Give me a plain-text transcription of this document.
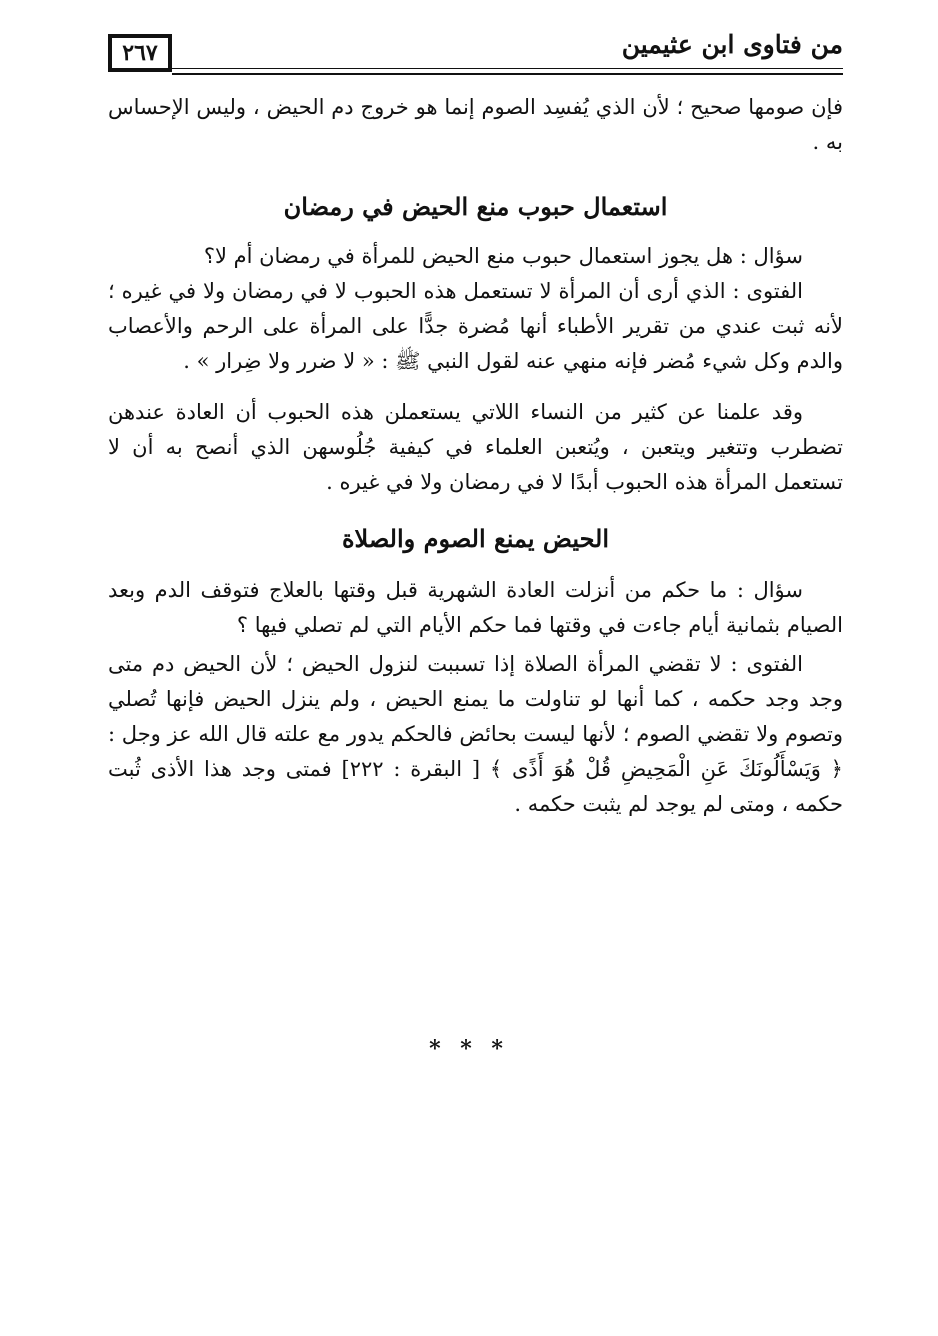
٢٦٧	من فتاوى ابن عثيمين

فإن صومها صحيح ؛ لأن الذي يُفسِد الصوم إنما هو خروج دم الحيض ، وليس الإحساس به .

استعمال حبوب منع الحيض في رمضان

سؤال : هل يجوز استعمال حبوب منع الحيض للمرأة في رمضان أم لا؟

الفتوى : الذي أرى أن المرأة لا تستعمل هذه الحبوب لا في رمضان ولا في غيره ؛ لأنه ثبت عندي من تقرير الأطباء أنها مُضرة جدًّا على المرأة على الرحم والأعصاب والدم وكل شيء مُضر فإنه منهي عنه لقول النبي ﷺ : « لا ضرر ولا ضِرار » .

وقد علمنا عن كثير من النساء اللاتي يستعملن هذه الحبوب أن العادة عندهن تضطرب وتتغير ويتعبن ، ويُتعبن العلماء في كيفية جُلُوسهن الذي أنصح به أن لا تستعمل المرأة هذه الحبوب أبدًا لا في رمضان ولا في غيره .

الحيض يمنع الصوم والصلاة

سؤال : ما حكم من أنزلت العادة الشهرية قبل وقتها بالعلاج فتوقف الدم وبعد الصيام بثمانية أيام جاءت في وقتها فما حكم الأيام التي لم تصلي فيها ؟

الفتوى : لا تقضي المرأة الصلاة إذا تسببت لنزول الحيض ؛ لأن الحيض دم متى وجد وجد حكمه ، كما أنها لو تناولت ما يمنع الحيض ، ولم ينزل الحيض فإنها تُصلي وتصوم ولا تقضي الصوم ؛ لأنها ليست بحائض فالحكم يدور مع علته قال الله عز وجل : ﴿ وَيَسْأَلُونَكَ عَنِ الْمَحِيضِ قُلْ هُوَ أَذًى ﴾ [ البقرة : ٢٢٢] فمتى وجد هذا الأذى ثُبت حكمه ، ومتى لم يوجد لم يثبت حكمه .

* * *
